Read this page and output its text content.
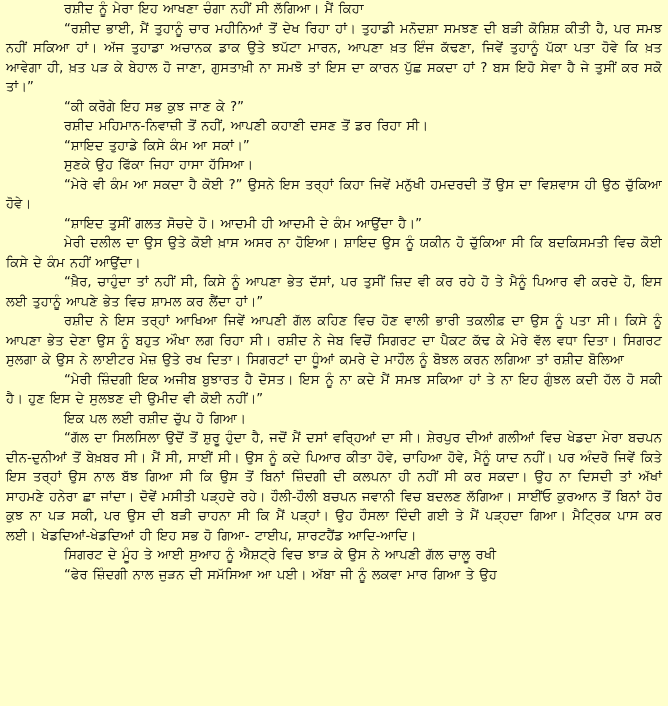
ਰਸ਼ੀਦ ਨੂੰ ਮੇਰਾ ਇਹ ਆਖਣਾ ਚੰਗਾ ਨਹੀਂ ਸੀ ਲੱਗਿਆ। ਮੈਂ ਕਿਹਾ

“ਰਸ਼ੀਦ ਭਾਈ, ਮੈਂ ਤੁਹਾਨੂੰ ਚਾਰ ਮਹੀਨਿਆਂ ਤੋਂ ਦੇਖ ਰਿਹਾ ਹਾਂ। ਤੁਹਾਡੀ ਮਨੋਦਸ਼ਾ ਸਮਝਣ ਦੀ ਬੜੀ ਕੋਸ਼ਿਸ਼ ਕੀਤੀ ਹੈ, ਪਰ ਸਮਝ ਨਹੀਂ ਸਕਿਆ ਹਾਂ। ਅੱਜ ਤੁਹਾਡਾ ਅਚਾਨਕ ਡਾਕ ਉਤੇ ਝਪੱਟਾ ਮਾਰਨ, ਆਪਣਾ ਖ਼ਤ ਇੰਜ ਕੱਢਣਾ, ਜਿਵੇਂ ਤੁਹਾਨੂੰ ਪੱਕਾ ਪਤਾ ਹੋਵੇ ਕਿ ਖ਼ਤ ਆਵੇਗਾ ਹੀ, ਖ਼ਤ ਪੜ ਕੇ ਬੇਹਾਲ ਹੋ ਜਾਣਾ, ਗੁਸਤਾਖ਼ੀ ਨਾ ਸਮਝੋ ਤਾਂ ਇਸ ਦਾ ਕਾਰਨ ਪੁੱਛ ਸਕਦਾ ਹਾਂ ? ਬਸ ਇਹੋ ਸੇਵਾ ਹੈ ਜੇ ਤੁਸੀਂ ਕਰ ਸਕੋ ਤਾਂ।”

“ਕੀ ਕਰੋਗੇ ਇਹ ਸਭ ਕੁਝ ਜਾਣ ਕੇ ?”

ਰਸ਼ੀਦ ਮਹਿਮਾਨ-ਨਿਵਾਜ਼ੀ ਤੋਂ ਨਹੀਂ, ਆਪਣੀ ਕਹਾਣੀ ਦਸਣ ਤੋਂ ਡਰ ਰਿਹਾ ਸੀ।

“ਸ਼ਾਇਦ ਤੁਹਾਡੇ ਕਿਸੇ ਕੰਮ ਆ ਸਕਾਂ।”

ਸੁਣਕੇ ਉਹ ਫਿੱਕਾ ਜਿਹਾ ਹਾਸਾ ਹੱਸਿਆ।

“ਮੇਰੇ ਵੀ ਕੰਮ ਆ ਸਕਦਾ ਹੈ ਕੋਈ ?” ਉਸਨੇ ਇਸ ਤਰ੍ਹਾਂ ਕਿਹਾ ਜਿਵੇਂ ਮਨੁੱਖੀ ਹਮਦਰਦੀ ਤੋਂ ਉਸ ਦਾ ਵਿਸ਼ਵਾਸ ਹੀ ਉਠ ਚੁੱਕਿਆ ਹੋਵੇ।

“ਸ਼ਾਇਦ ਤੁਸੀਂ ਗਲਤ ਸੋਚਦੇ ਹੋ। ਆਦਮੀ ਹੀ ਆਦਮੀ ਦੇ ਕੰਮ ਆਉਂਦਾ ਹੈ।”

ਮੇਰੀ ਦਲੀਲ ਦਾ ਉਸ ਉਤੇ ਕੋਈ ਖ਼ਾਸ ਅਸਰ ਨਾ ਹੋਇਆ। ਸ਼ਾਇਦ ਉਸ ਨੂੰ ਯਕੀਨ ਹੋ ਚੁੱਕਿਆ ਸੀ ਕਿ ਬਦਕਿਸਮਤੀ ਵਿਚ ਕੋਈ ਕਿਸੇ ਦੇ ਕੰਮ ਨਹੀਂ ਆਉਂਦਾ।

“ਖ਼ੈਰ, ਚਾਹੁੰਦਾ ਤਾਂ ਨਹੀਂ ਸੀ, ਕਿਸੇ ਨੂੰ ਆਪਣਾ ਭੇਤ ਦੱਸਾਂ, ਪਰ ਤੁਸੀਂ ਜ਼ਿਦ ਵੀ ਕਰ ਰਹੇ ਹੋ ਤੇ ਮੈਨੂੰ ਪਿਆਰ ਵੀ ਕਰਦੇ ਹੋ, ਇਸ ਲਈ ਤੁਹਾਨੂੰ ਆਪਣੇ ਭੇਤ ਵਿਚ ਸ਼ਾਮਲ ਕਰ ਲੈਂਦਾ ਹਾਂ।”

ਰਸ਼ੀਦ ਨੇ ਇਸ ਤਰ੍ਹਾਂ ਆਖਿਆ ਜਿਵੇਂ ਆਪਣੀ ਗੱਲ ਕਹਿਣ ਵਿਚ ਹੋਣ ਵਾਲੀ ਭਾਰੀ ਤਕਲੀਫ਼ ਦਾ ਉਸ ਨੂੰ ਪਤਾ ਸੀ। ਕਿਸੇ ਨੂੰ ਆਪਣਾ ਭੇਤ ਦੇਣਾ ਉਸ ਨੂੰ ਬਹੁਤ ਔਖਾ ਲਗ ਰਿਹਾ ਸੀ। ਰਸ਼ੀਦ ਨੇ ਜੇਬ ਵਿਚੋਂ ਸਿਗਰਟ ਦਾ ਪੈਕਟ ਕੱਢ ਕੇ ਮੇਰੇ ਵੱਲ ਵਧਾ ਦਿਤਾ। ਸਿਗਰਟ ਸੁਲਗਾ ਕੇ ਉਸ ਨੇ ਲਾਈਟਰ ਮੇਜ਼ ਉਤੇ ਰਖ ਦਿਤਾ। ਸਿਗਰਟਾਂ ਦਾ ਧੂੰਆਂ ਕਮਰੇ ਦੇ ਮਾਹੌਲ ਨੂੰ ਬੋਝਲ ਕਰਨ ਲਗਿਆ ਤਾਂ ਰਸ਼ੀਦ ਬੋਲਿਆ

“ਮੇਰੀ ਜ਼ਿੰਦਗੀ ਇਕ ਅਜੀਬ ਬੁਝਾਰਤ ਹੈ ਦੋਸਤ। ਇਸ ਨੂੰ ਨਾ ਕਦੇ ਮੈਂ ਸਮਝ ਸਕਿਆ ਹਾਂ ਤੇ ਨਾ ਇਹ ਗੁੰਝਲ ਕਦੀ ਹੱਲ ਹੋ ਸਕੀ ਹੈ। ਹੁਣ ਇਸ ਦੇ ਸੁਲਝਣ ਦੀ ਉਮੀਦ ਵੀ ਕੋਈ ਨਹੀਂ।”

ਇਕ ਪਲ ਲਈ ਰਸ਼ੀਦ ਚੁੱਪ ਹੋ ਗਿਆ।

“ਗੱਲ ਦਾ ਸਿਲਸਿਲਾ ਉਦੋਂ ਤੋਂ ਸ਼ੁਰੂ ਹੁੰਦਾ ਹੈ, ਜਦੋਂ ਮੈਂ ਦਸਾਂ ਵਰ੍ਹਿਆਂ ਦਾ ਸੀ। ਸ਼ੇਰਪੁਰ ਦੀਆਂ ਗਲੀਆਂ ਵਿਚ ਖੇਡਦਾ ਮੇਰਾ ਬਚਪਨ ਦੀਨ-ਦੁਨੀਆਂ ਤੋਂ ਬੇਖ਼ਬਰ ਸੀ। ਮੈਂ ਸੀ, ਸਾਈਂ ਸੀ। ਉਸ ਨੂੰ ਕਦੇ ਪਿਆਰ ਕੀਤਾ ਹੋਵੇ, ਚਾਹਿਆ ਹੋਵੇ, ਮੈਨੂੰ ਯਾਦ ਨਹੀਂ। ਪਰ ਅੰਦਰੋ ਜਿਵੇਂ ਕਿਤੇ ਇਸ ਤਰ੍ਹਾਂ ਉਸ ਨਾਲ ਬੱਝ ਗਿਆ ਸੀ ਕਿ ਉਸ ਤੋਂ ਬਿਨਾਂ ਜ਼ਿੰਦਗੀ ਦੀ ਕਲਪਨਾ ਹੀ ਨਹੀਂ ਸੀ ਕਰ ਸਕਦਾ। ਉਹ ਨਾ ਦਿਸਦੀ ਤਾਂ ਅੱਖਾਂ ਸਾਹਮਣੇ ਹਨੇਰਾ ਛਾ ਜਾਂਦਾ। ਦੋਵੇਂ ਮਸੀਤੀ ਪੜ੍ਹਦੇ ਰਹੇ। ਹੌਲੀ-ਹੌਲੀ ਬਚਪਨ ਜਵਾਨੀ ਵਿਚ ਬਦਲਣ ਲੱਗਿਆ। ਸਾਈਂਓ ਕੁਰਆਨ ਤੋਂ ਬਿਨਾਂ ਹੋਰ ਕੁਝ ਨਾ ਪੜ ਸਕੀ, ਪਰ ਉਸ ਦੀ ਬੜੀ ਚਾਹਨਾ ਸੀ ਕਿ ਮੈਂ ਪੜ੍ਹਾਂ। ਉਹ ਹੌਸਲਾ ਦਿੰਦੀ ਗਈ ਤੇ ਮੈਂ ਪੜ੍ਹਦਾ ਗਿਆ। ਮੈਟ੍ਰਿਕ ਪਾਸ ਕਰ ਲਈ। ਖੇਡਦਿਆਂ-ਖੇਡਦਿਆਂ ਹੀ ਇਹ ਸਭ ਹੋ ਗਿਆ- ਟਾਈਪ, ਸ਼ਾਰਟਹੈਂਡ ਆਦਿ-ਆਦਿ।

ਸਿਗਰਟ ਦੇ ਮੂੰਹ ਤੇ ਆਈ ਸੁਆਹ ਨੂੰ ਐਸ਼ਟ੍ਰੇ ਵਿਚ ਝਾੜ ਕੇ ਉਸ ਨੇ ਆਪਣੀ ਗੱਲ ਚਾਲੂ ਰਖੀ

“ਫੇਰ ਜ਼ਿੰਦਗੀ ਨਾਲ ਜੁੜਨ ਦੀ ਸਮੱਸਿਆ ਆ ਪਈ। ਅੱਬਾ ਜੀ ਨੂੰ ਲਕਵਾ ਮਾਰ ਗਿਆ ਤੇ ਉਹ
